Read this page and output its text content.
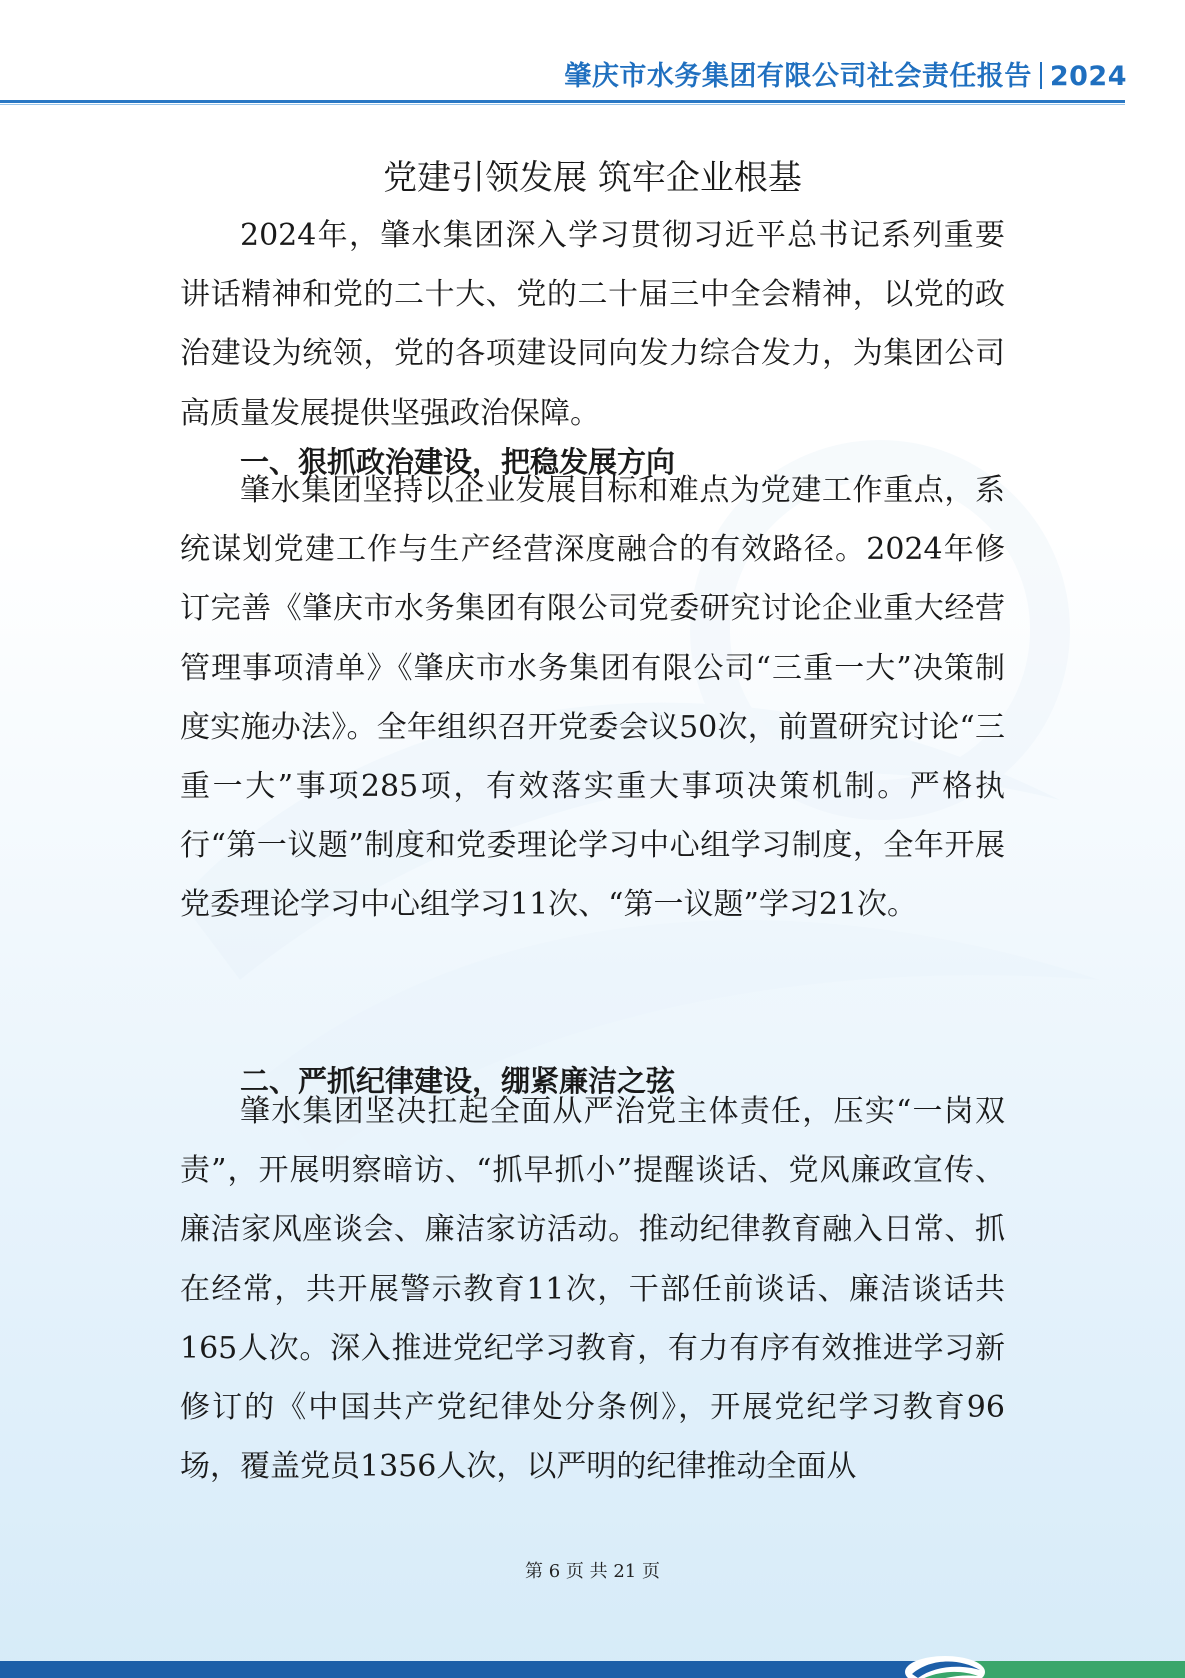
肇庆市水务集团有限公司社会责任报告 2024
党建引领发展 筑牢企业根基

2024年，肇水集团深入学习贯彻习近平总书记系列重要讲话精神和党的二十大、党的二十届三中全会精神，以党的政治建设为统领，党的各项建设同向发力综合发力，为集团公司高质量发展提供坚强政治保障。

一、狠抓政治建设，把稳发展方向

肇水集团坚持以企业发展目标和难点为党建工作重点，系统谋划党建工作与生产经营深度融合的有效路径。2024年修订完善《肇庆市水务集团有限公司党委研究讨论企业重大经营管理事项清单》《肇庆市水务集团有限公司“三重一大”决策制度实施办法》。全年组织召开党委会议50次，前置研究讨论“三重一大”事项285项，有效落实重大事项决策机制。严格执行“第一议题”制度和党委理论学习中心组学习制度，全年开展党委理论学习中心组学习11次、“第一议题”学习21次。

二、严抓纪律建设，绷紧廉洁之弦

肇水集团坚决扛起全面从严治党主体责任，压实“一岗双责”，开展明察暗访、“抓早抓小”提醒谈话、党风廉政宣传、廉洁家风座谈会、廉洁家访活动。推动纪律教育融入日常、抓在经常，共开展警示教育11次，干部任前谈话、廉洁谈话共165人次。深入推进党纪学习教育，有力有序有效推进学习新修订的《中国共产党纪律处分条例》，开展党纪学习教育96场，覆盖党员1356人次，以严明的纪律推动全面从

第 6 页 共 21 页
